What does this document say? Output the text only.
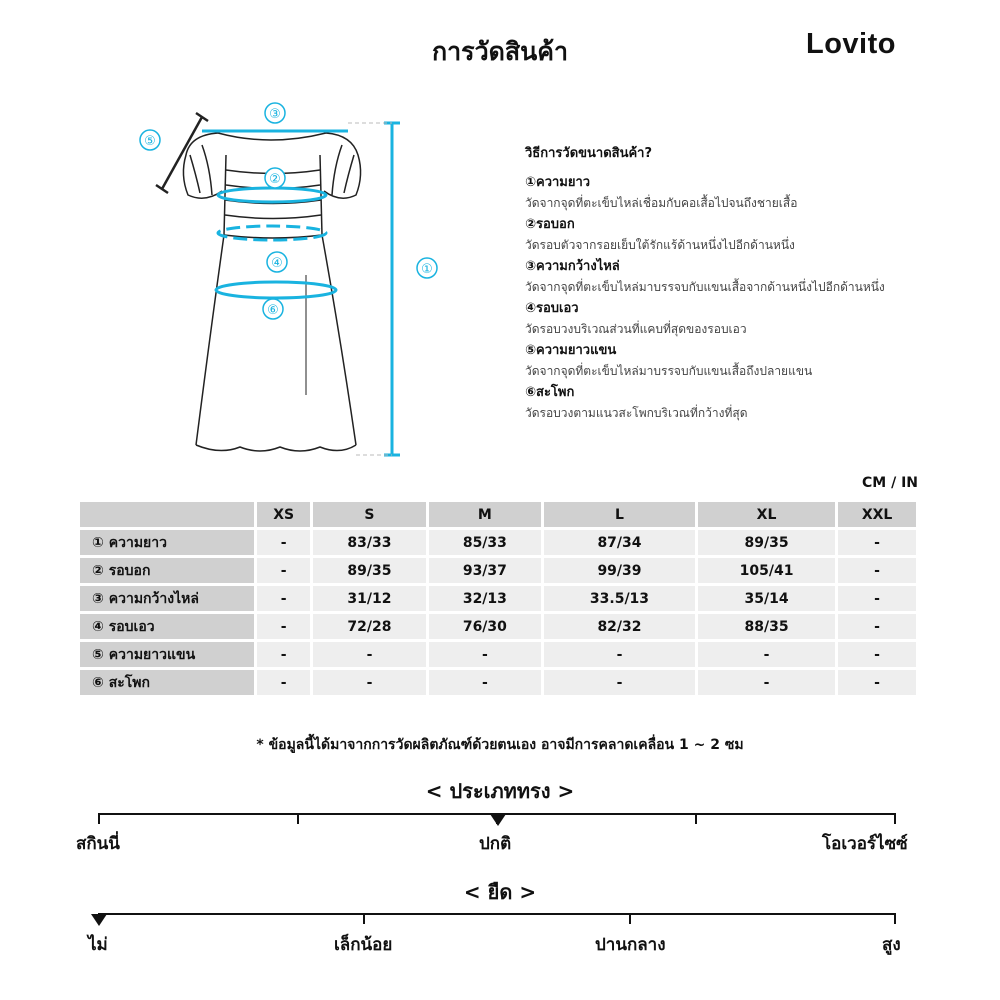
การวัดสินค้า	Lovito
③
⑤
②
④
⑥
①
วิธีการวัดขนาดสินค้า?
①ความยาว
วัดจากจุดที่ตะเข็บไหล่เชื่อมกับคอเสื้อไปจนถึงชายเสื้อ
②รอบอก
วัดรอบตัวจากรอยเย็บใต้รักแร้ด้านหนึ่งไปอีกด้านหนึ่ง
③ความกว้างไหล่
วัดจากจุดที่ตะเข็บไหล่มาบรรจบกับแขนเสื้อจากด้านหนึ่งไปอีกด้านหนึ่ง
④รอบเอว
วัดรอบวงบริเวณส่วนที่แคบที่สุดของรอบเอว
⑤ความยาวแขน
วัดจากจุดที่ตะเข็บไหล่มาบรรจบกับแขนเสื้อถึงปลายแขน
⑥สะโพก
วัดรอบวงตามแนวสะโพกบริเวณที่กว้างที่สุด
CM / IN
	XS	S	M	L	XL	XXL
① ความยาว	-	83/33	85/33	87/34	89/35	-
② รอบอก	-	89/35	93/37	99/39	105/41	-
③ ความกว้างไหล่	-	31/12	32/13	33.5/13	35/14	-
④ รอบเอว	-	72/28	76/30	82/32	88/35	-
⑤ ความยาวแขน	-	-	-	-	-	-
⑥ สะโพก	-	-	-	-	-	-
* ข้อมูลนี้ได้มาจากการวัดผลิตภัณฑ์ด้วยตนเอง อาจมีการคลาดเคลื่อน 1 ~ 2 ซม
< ประเภททรง >
สกินนี่	ปกติ	โอเวอร์ไซซ์
< ยืด >
ไม่	เล็กน้อย	ปานกลาง	สูง
